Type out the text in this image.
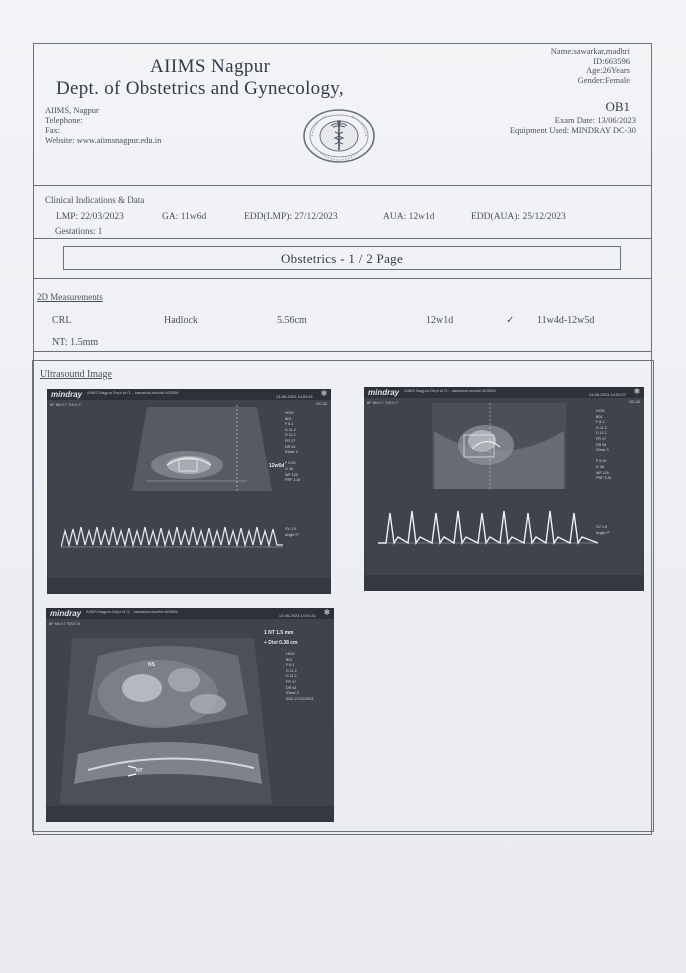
AIIMS Nagpur
Dept. of Obstetrics and Gynecology,
AIIMS, Nagpur
Telephone:
Fax:
Website: www.aiimsnagpur.edu.in
Name:sawarkar,madhri
ID:663596
Age:26Years
Gender:Female
OB1
Exam Date: 13/06/2023
Equipment Used: MINDRAY DC-30
Clinical Indications & Data
LMP: 22/03/2023	GA: 11w6d	EDD(LMP): 27/12/2023	AUA: 12w1d	EDD(AUA): 25/12/2023
Gestations: 1
Obstetrics - 1 / 2 Page
2D Measurements
CRL	Hadlock	5.56cm	12w1d	✓ 11w4d-12w5d
NT: 1.5mm
Ultrasound Image
mindray AIIMS Nagpur Dept of G... sawarkar,madhri 663596
13-06-2023 14:01:01 ❄
6F MI:0.7 TIS:0.7	DC-30
HCM
B01
F 8.1
G 11.2
D 11.2
FR 17
DR 64
iClear 3

F 5.00
G 36
WF 120
PRF 3.2k
SV 1.5
Angle 0°
12w6d
mindray AIIMS Nagpur Dept of G... sawarkar,madhri 663596
13-06-2023 14:02:27 ❄
6F MI:0.7 TIS:0.7	DC-30
HCM
B01
F 8.1
G 11.2
D 11.2
FR 17
DR 64
iClear 3

F 5.00
G 36
WF 120
PRF 3.2k
SV 1.5
Angle 0°
mindray AIIMS Nagpur Dept of G... sawarkar,madhri 663596
13-06-2023 14:01:41 ❄
6F MI:0.7 TIS:0.5
1 NT 1.5 mm
+ Dist 0.38 cm
HCM
B01
F 8.1
G 11.2
D 11.2
FR 17
DR 64
iClear 3
EDD 27/12/2023
NS
NT
